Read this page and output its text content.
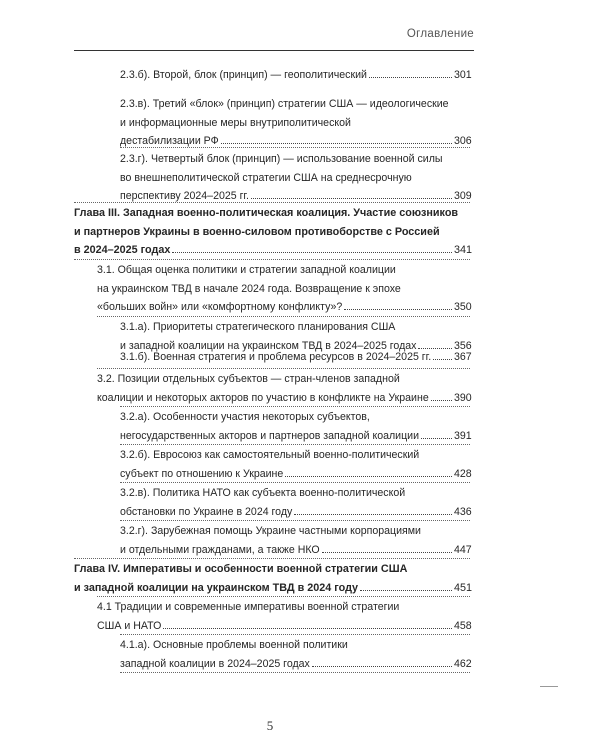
Оглавление
2.3.б). Второй, блок (принцип) — геополитический	301
2.3.в). Третий «блок» (принцип) стратегии США — идеологические
и информационные меры внутриполитической
дестабилизации РФ	306
2.3.г). Четвертый блок (принцип) — использование военной силы
во внешнеполитической стратегии США на среднесрочную
перспективу 2024–2025 гг.	309
Глава III. Западная военно-политическая коалиция. Участие союзников
и партнеров Украины в военно-силовом противоборстве с Россией
в 2024–2025 годах	341
3.1. Общая оценка политики и стратегии западной коалиции
на украинском ТВД в начале 2024 года. Возвращение к эпохе
«больших войн» или «комфортному конфликту»?	350
3.1.а). Приоритеты стратегического планирования США
и западной коалиции на украинском ТВД в 2024–2025 годах	356
3.1.б). Военная стратегия и проблема ресурсов в 2024–2025 гг. 367
3.2. Позиции отдельных субъектов — стран-членов западной
коалиции и некоторых акторов по участию в конфликте на Украине 390
3.2.а). Особенности участия некоторых субъектов,
негосударственных акторов и партнеров западной коалиции	391
3.2.б). Евросоюз как самостоятельный военно-политический
субъект по отношению к Украине	428
3.2.в). Политика НАТО как субъекта военно-политической
обстановки по Украине в 2024 году	436
3.2.г). Зарубежная помощь Украине частными корпорациями
и отдельными гражданами, а также НКО	447
Глава IV. Императивы и особенности военной стратегии США
и западной коалиции на украинском ТВД в 2024 году	451
4.1 Традиции и современные императивы военной стратегии
США и НАТО	458
4.1.а). Основные проблемы военной политики
западной коалиции в 2024–2025 годах	462
5
